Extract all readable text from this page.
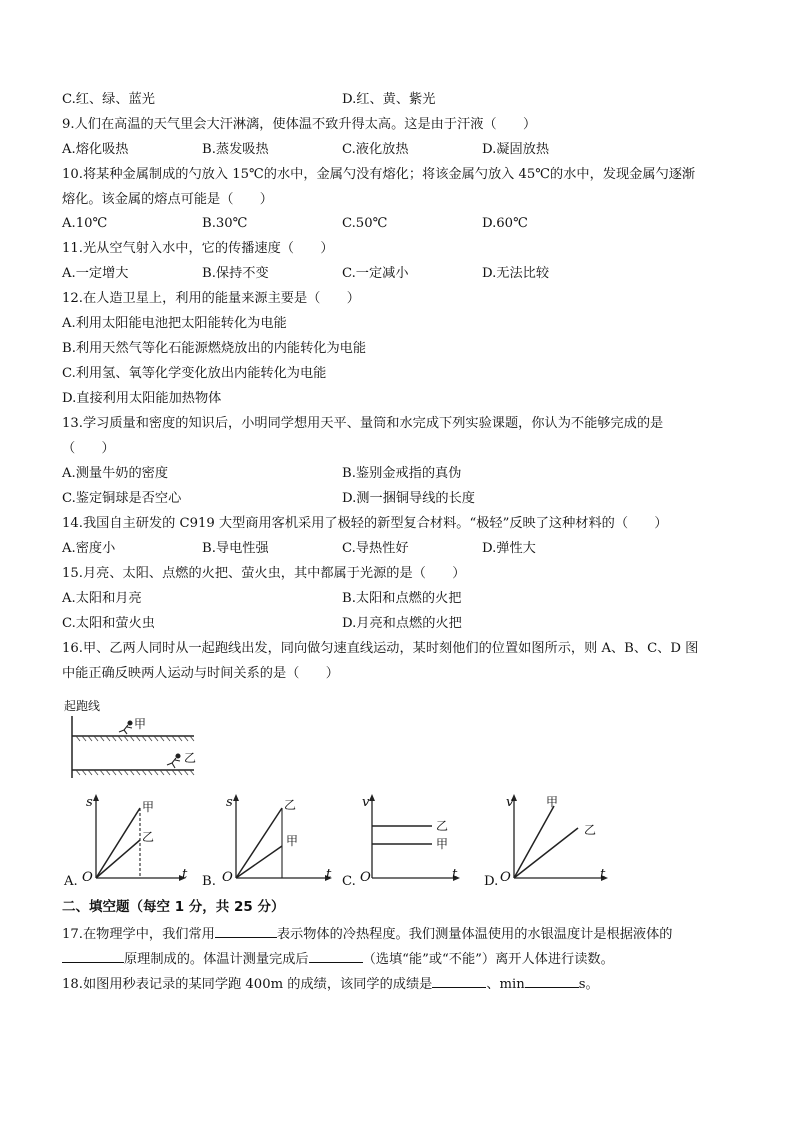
C.红、绿、蓝光	D.红、黄、紫光
9.人们在高温的天气里会大汗淋漓，使体温不致升得太高。这是由于汗液（　　）
A.熔化吸热	B.蒸发吸热	C.液化放热	D.凝固放热
10.将某种金属制成的勺放入 15℃的水中，金属勺没有熔化；将该金属勺放入 45℃的水中，发现金属勺逐渐
熔化。该金属的熔点可能是（　　）
A.10℃	B.30℃	C.50℃	D.60℃
11.光从空气射入水中，它的传播速度（　　）
A.一定增大	B.保持不变	C.一定减小	D.无法比较
12.在人造卫星上，利用的能量来源主要是（　　）
A.利用太阳能电池把太阳能转化为电能
B.利用天然气等化石能源燃烧放出的内能转化为电能
C.利用氢、氧等化学变化放出内能转化为电能
D.直接利用太阳能加热物体
13.学习质量和密度的知识后，小明同学想用天平、量筒和水完成下列实验课题，你认为不能够完成的是
（　　）
A.测量牛奶的密度	B.鉴别金戒指的真伪
C.鉴定铜球是否空心	D.测一捆铜导线的长度
14.我国自主研发的 C919 大型商用客机采用了极轻的新型复合材料。“极轻”反映了这种材料的（　　）
A.密度小	B.导电性强	C.导热性好	D.弹性大
15.月亮、太阳、点燃的火把、萤火虫，其中都属于光源的是（　　）
A.太阳和月亮	B.太阳和点燃的火把
C.太阳和萤火虫	D.月亮和点燃的火把
16.甲、乙两人同时从一起跑线出发，同向做匀速直线运动，某时刻他们的位置如图所示，则 A、B、C、D 图
中能正确反映两人运动与时间关系的是（　　）
起跑线
甲
乙
A.
s
t
O
甲
乙
B.
s
t
O
乙
甲
C.
v
t
O
乙
甲
D.
v
t
O
甲
乙
二、填空题（每空 1 分，共 25 分）
17.在物理学中，我们常用	表示物体的冷热程度。我们测量体温使用的水银温度计是根据液体的
原理制成的。体温计测量完成后	（选填“能”或“不能”）离开人体进行读数。
18.如图用秒表记录的某同学跑 400m 的成绩，该同学的成绩是	、min	s。
